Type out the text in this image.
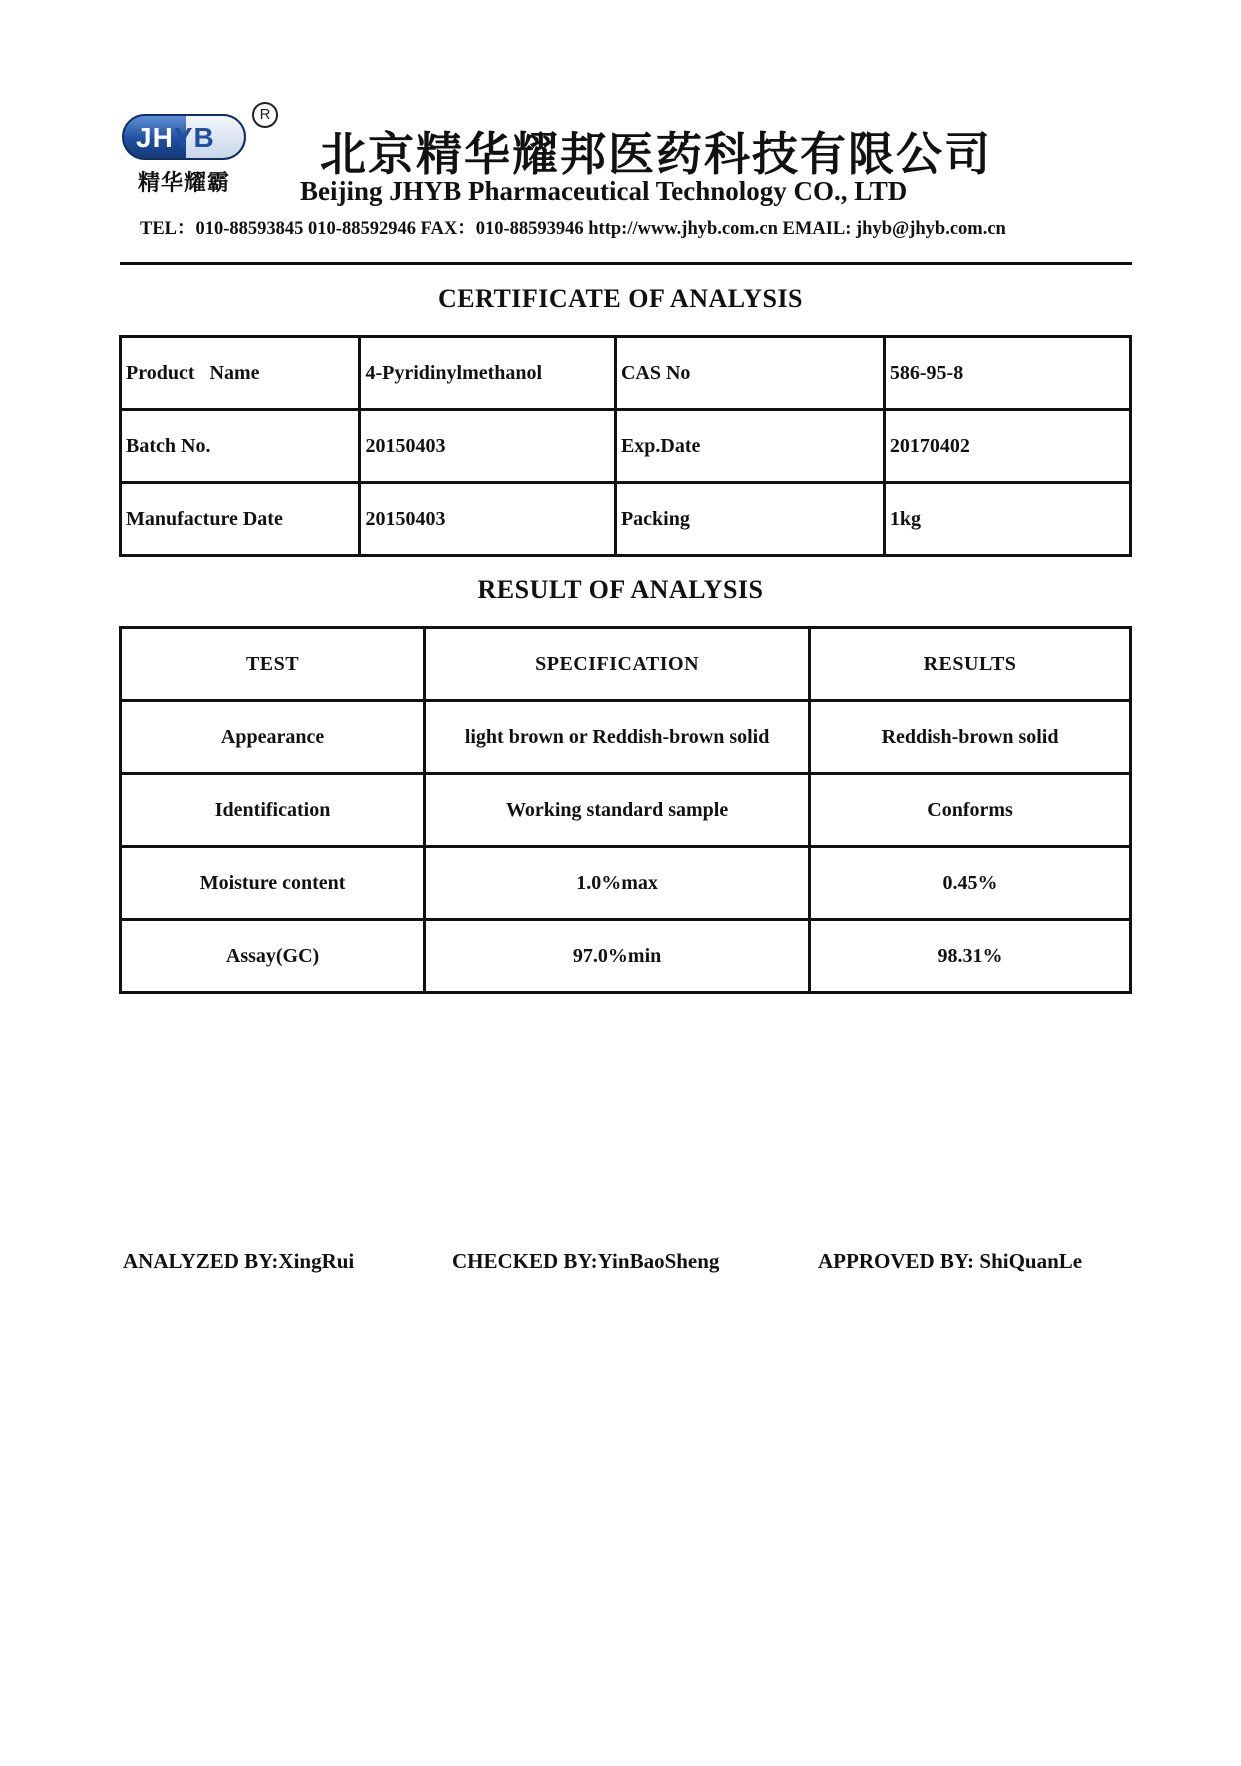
JHYB
R
精华耀霸
北京精华耀邦医药科技有限公司
Beijing JHYB Pharmaceutical Technology CO., LTD
TEL：010-88593845 010-88592946 FAX：010-88593946 http://www.jhyb.com.cn EMAIL: jhyb@jhyb.com.cn
CERTIFICATE OF ANALYSIS
Product   Name	4-Pyridinylmethanol	CAS No	586-95-8
Batch No.	20150403	Exp.Date	20170402
Manufacture Date	20150403	Packing	1kg
RESULT OF ANALYSIS
TEST	SPECIFICATION	RESULTS
Appearance	light brown or Reddish-brown solid	Reddish-brown solid
Identification	Working standard sample	Conforms
Moisture content	1.0%max	0.45%
Assay(GC)	97.0%min	98.31%
ANALYZED BY:XingRui	CHECKED BY:YinBaoSheng	APPROVED BY: ShiQuanLe
